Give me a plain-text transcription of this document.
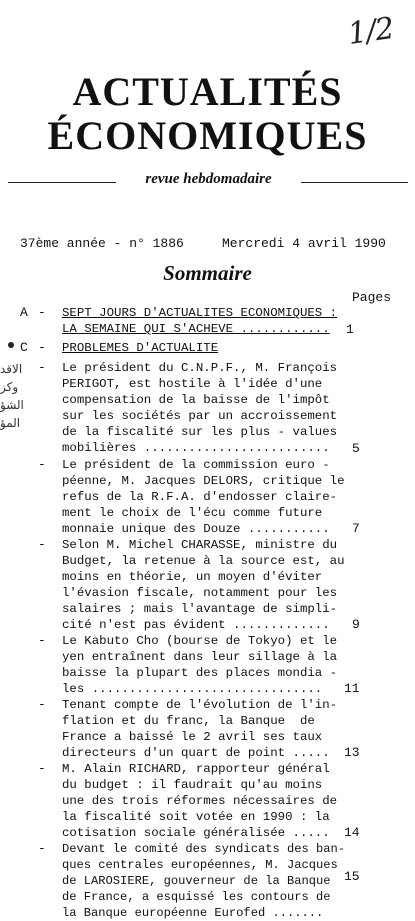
1/2
ACTUALITÉS
ÉCONOMIQUES
revue hebdomadaire
37ème année - n° 1886	Mercredi 4 avril 1990
Sommaire
Pages
A - SEPT JOURS D'ACTUALITES ECONOMIQUES :
LA SEMAINE QUI S'ACHEVE ............ 1
C - PROBLEMES D'ACTUALITE
الاقد
وكز
الشؤ
المؤ
- Le président du C.N.P.F., M. François
PERIGOT, est hostile à l'idée d'une
compensation de la baisse de l'impôt
sur les sociétés par un accroissement
de la fiscalité sur les plus - values
mobilières ......................... 5
- Le président de la commission euro -
péenne, M. Jacques DELORS, critique le
refus de la R.F.A. d'endosser claire-
ment le choix de l'écu comme future
monnaie unique des Douze ........... 7
- Selon M. Michel CHARASSE, ministre du
Budget, la retenue à la source est, au
moins en théorie, un moyen d'éviter
l'évasion fiscale, notamment pour les
salaires ; mais l'avantage de simpli-
cité n'est pas évident ............. 9
- Le Kabuto Cho (bourse de Tokyo) et le
yen entraînent dans leur sillage à la
baisse la plupart des places mondia -
les ...............................	11
- Tenant compte de l'évolution de l'in-
flation et du franc, la Banque  de
France a baissé le 2 avril ses taux
directeurs d'un quart de point ..... 13
- M. Alain RICHARD, rapporteur général
du budget : il faudrait qu'au moins
une des trois réformes nécessaires de
la fiscalité soit votée en 1990 : la
cotisation sociale généralisée ..... 14
- Devant le comité des syndicats des ban-
ques centrales européennes, M. Jacques
de LAROSIERE, gouverneur de la Banque
de France, a esquissé les contours de
la Banque européenne Eurofed .......
15
